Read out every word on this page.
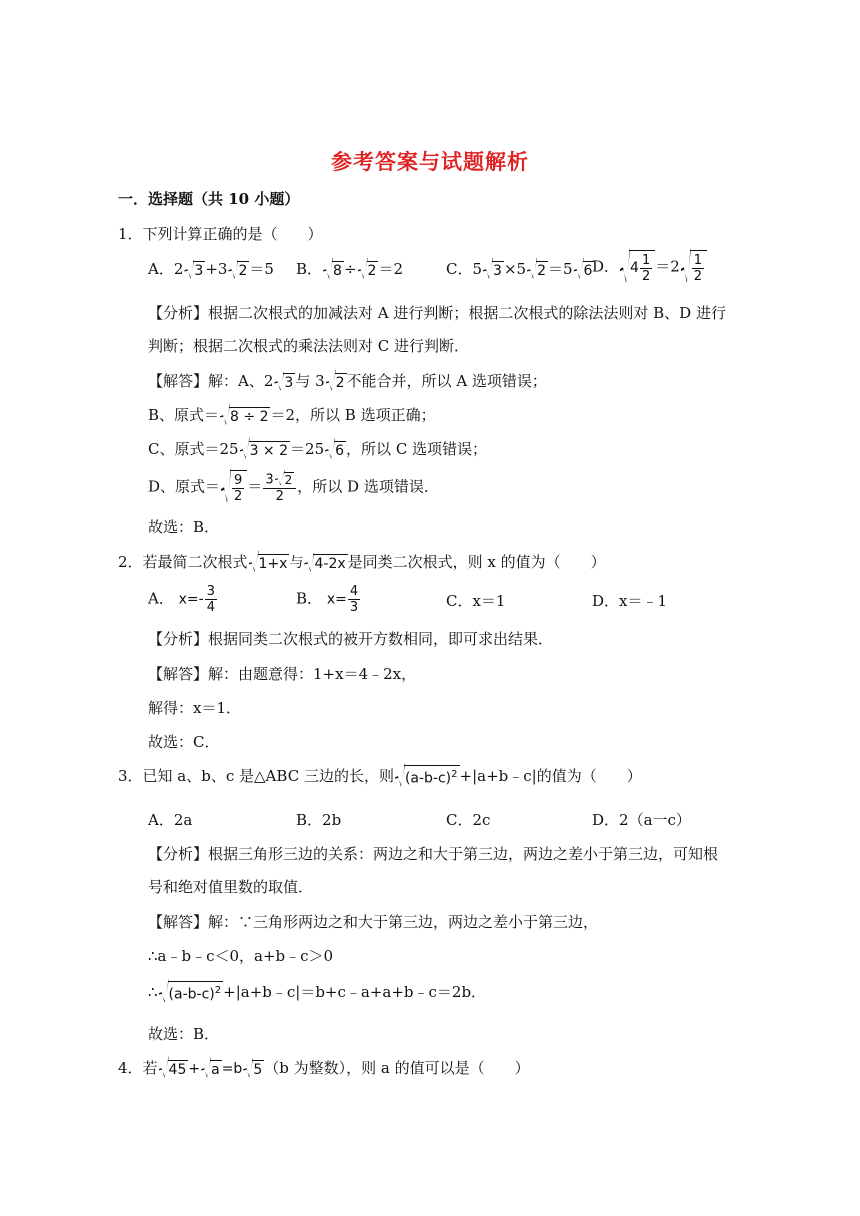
参考答案与试题解析
一．选择题（共 10 小题）
1．下列计算正确的是（　　）
A．2 3 +3 2 ＝5 B． 8 ÷ 2 ＝2	C．5 3 ×5 2 ＝5 6 D． $4 \frac{1}{2} =2 \frac{1}{2}$
【分析】根据二次根式的加减法对 A 进行判断；根据二次根式的除法法则对 B、D 进行
判断；根据二次根式的乘法法则对 C 进行判断．
【解答】解：A、2 3 与 3 2 不能合并，所以 A 选项错误；
B、原式＝ 8 ÷ 2 ＝2，所以 B 选项正确；
C、原式＝25 3 × 2 ＝25 6 ，所以 C 选项错误；
D、原式＝ $\frac{9}{2} = \frac{3 2}{2}$ ，所以 D 选项错误．
故选：B．
2．若最简二次根式 1+x 与 4-2x 是同类二次根式，则 x 的值为（　　）
A． $x=- \frac{3}{4}$	B． $x= \frac{4}{3}$	C．x＝1	D．x＝﹣1
【分析】根据同类二次根式的被开方数相同，即可求出结果．
【解答】解：由题意得：1+x＝4﹣2x，
解得：x＝1．
故选：C．
3．已知 a、b、c 是△ABC 三边的长，则 $(a-b-c)^2$ +|a+b﹣c|的值为（　　）
A．2a	B．2b	C．2c	D．2（a一c）
【分析】根据三角形三边的关系：两边之和大于第三边，两边之差小于第三边，可知根
号和绝对值里数的取值．
【解答】解：∵三角形两边之和大于第三边，两边之差小于第三边，
∴a﹣b﹣c＜0，a+b﹣c＞0
∴ $(a-b-c)^2$ +|a+b﹣c|＝b+c﹣a+a+b﹣c＝2b．
故选：B．
4．若 45 + a =b 5 （b 为整数），则 a 的值可以是（　　）
